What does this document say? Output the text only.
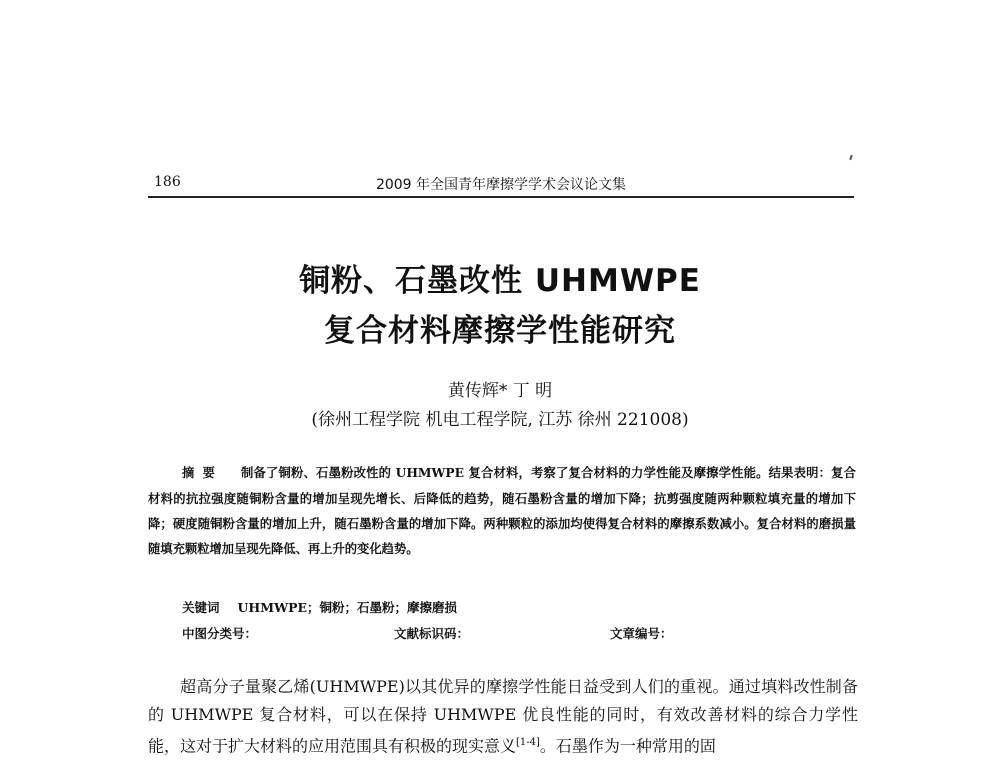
186	2009 年全国青年摩擦学学术会议论文集
铜粉、石墨改性 UHMWPE
复合材料摩擦学性能研究
黄传辉* 丁 明
(徐州工程学院 机电工程学院, 江苏 徐州 221008)
摘要 制备了铜粉、石墨粉改性的 UHMWPE 复合材料，考察了复合材料的力学性能及摩擦学性能。结果表明：复合材料的抗拉强度随铜粉含量的增加呈现先增长、后降低的趋势，随石墨粉含量的增加下降；抗剪强度随两种颗粒填充量的增加下降；硬度随铜粉含量的增加上升，随石墨粉含量的增加下降。两种颗粒的添加均使得复合材料的摩擦系数减小。复合材料的磨损量随填充颗粒增加呈现先降低、再上升的变化趋势。
关键词 UHMWPE；铜粉；石墨粉；摩擦磨损
中图分类号：	文献标识码：	文章编号：
超高分子量聚乙烯(UHMWPE)以其优异的摩擦学性能日益受到人们的重视。通过填料改性制备的 UHMWPE 复合材料，可以在保持 UHMWPE 优良性能的同时，有效改善材料的综合力学性能，这对于扩大材料的应用范围具有积极的现实意义[1-4]。石墨作为一种常用的固
